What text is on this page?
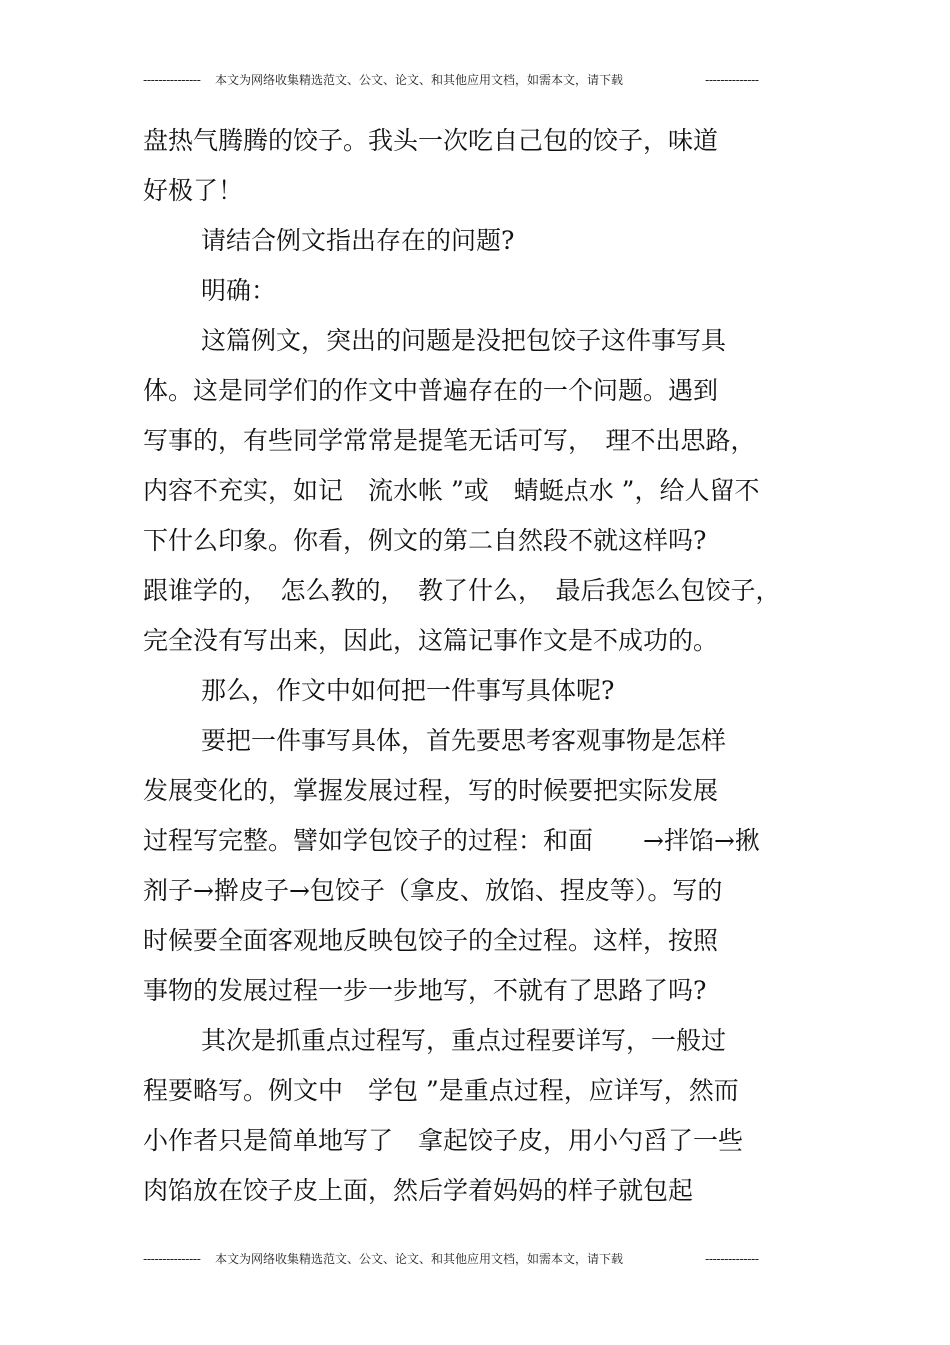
--------------- 本文为网络收集精选范文、公文、论文、和其他应用文档，如需本文，请下载	--------------
盘热气腾腾的饺子。我头一次吃自己包的饺子，味道
好极了！
请结合例文指出存在的问题?
明确：
这篇例文，突出的问题是没把包饺子这件事写具
体。这是同学们的作文中普遍存在的一个问题。遇到
写事的，有些同学常常是提笔无话可写，　理不出思路，
内容不充实，如记　流水帐 ”或　蜻蜓点水 ”，给人留不
下什么印象。你看，例文的第二自然段不就这样吗?
跟谁学的，　怎么教的，　教了什么，　最后我怎么包饺子，
完全没有写出来，因此，这篇记事作文是不成功的。
那么，作文中如何把一件事写具体呢?
要把一件事写具体，首先要思考客观事物是怎样
发展变化的，掌握发展过程，写的时候要把实际发展
过程写完整。譬如学包饺子的过程：和面　　→拌馅→揪
剂子→擀皮子→包饺子（拿皮、放馅、捏皮等）。写的
时候要全面客观地反映包饺子的全过程。这样，按照
事物的发展过程一步一步地写，不就有了思路了吗?
其次是抓重点过程写，重点过程要详写，一般过
程要略写。例文中　学包 ”是重点过程，应详写，然而
小作者只是简单地写了　拿起饺子皮，用小勺舀了一些
肉馅放在饺子皮上面，然后学着妈妈的样子就包起
--------------- 本文为网络收集精选范文、公文、论文、和其他应用文档，如需本文，请下载	--------------
